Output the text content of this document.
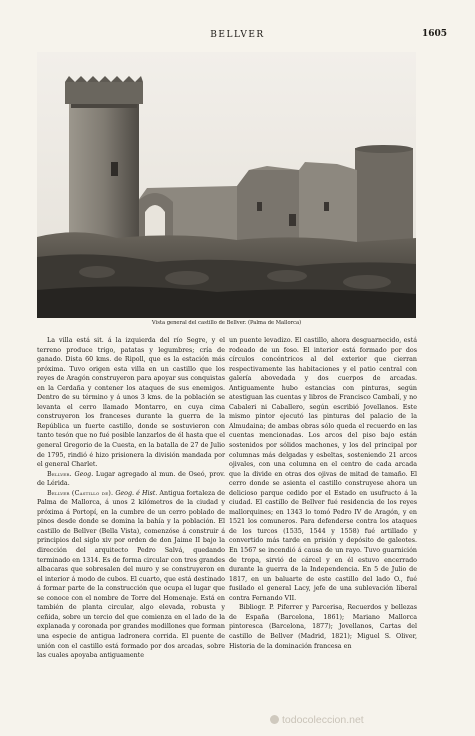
BELLVER	1605
Vista general del castillo de Bellver. (Palma de Mallorca)

La villa está sit. á la izquierda del río Segre, y el terreno produce trigo, patatas y legumbres; cría de ganado. Dista 60 kms. de Ripoll, que es la estación más próxima. Tuvo origen esta villa en un castillo que los reyes de Aragón construyeron para apoyar sus conquistas en la Cerdaña y contener los ataques de sus enemigos. Dentro de su término y á unos 3 kms. de la población se levanta el cerro llamado Montarro, en cuya cima construyeron los franceses durante la guerra de la República un fuerte castillo, donde se sostuvieron con tanto tesón que no fué posible lanzarlos de él hasta que el general Gregorio de la Cuesta, en la batalla de 27 de Julio de 1795, rindió é hizo prisionera la división mandada por el general Charlet.

Bellver. Geog. Lugar agregado al mun. de Oseó, prov. de Lérida.

Bellver (Castillo de). Geog. é Hist. Antigua fortaleza de Palma de Mallorca, á unos 2 kilómetros de la ciudad y próxima á Portopí, en la cumbre de un cerro poblado de pinos desde donde se domina la bahía y la población. El castillo de Bellver (Bella Vista), comenzóse á construir á principios del siglo xiv por orden de don Jaime II bajo la dirección del arquitecto Pedro Salvá, quedando terminado en 1314. Es de forma circular con tres grandes albacaras que sobresalen del muro y se construyeron en el interior á modo de cubos. El cuarto, que está destinado á formar parte de la construcción que ocupa el lugar que se conoce con el nombre de Torre del Homenaje. Está en también de planta circular, algo elevada, robusta y ceñida, sobre un tercio del que comienza en el lado de la explanada y coronada por grandes modillones que forman una especie de antigua ladronera corrida. El puente de unión con el castillo está formado por dos arcadas, sobre las cuales apoyaba antiguamente

un puente levadizo. El castillo, ahora desguarnecido, está rodeado de un foso. El interior está formado por dos círculos concéntricos al del exterior que cierran respectivamente las habitaciones y el patio central con galería abovedada y dos cuerpos de arcadas. Antiguamente hubo estancias con pinturas, según atestiguan las cuentas y libros de Francisco Cambalí, y no Cabaleri ni Caballero, según escribió Jovellanos. Este mismo pintor ejecutó las pinturas del palacio de la Almudaina; de ambas obras sólo queda el recuerdo en las cuentas mencionadas. Los arcos del piso bajo están sostenidos por sólidos machones, y los del principal por columnas más delgadas y esbeltas, sosteniendo 21 arcos ojivales, con una columna en el centro de cada arcada que la divide en otras dos ojivas de mitad de tamaño. El cerro donde se asienta el castillo construyese ahora un delicioso parque cedido por el Estado en usufructo á la ciudad. El castillo de Bellver fué residencia de los reyes mallorquines; en 1343 lo tomó Pedro IV de Aragón, y en 1521 los comuneros. Para defenderse contra los ataques de los turcos (1535, 1544 y 1558) fué artillado y convertido más tarde en prisión y depósito de galeotes. En 1567 se incendió á causa de un rayo. Tuvo guarnición de tropa, sirvió de cárcel y en él estuvo encerrado durante la guerra de la Independencia. En 5 de Julio de 1817, en un baluarte de este castillo del lado O., fué fusilado el general Lacy, jefe de una sublevación liberal contra Fernando VII.

Bibliogr. P. Piferrer y Parcerisa, Recuerdos y bellezas de España (Barcelona, 1861); Mariano Mallorca pintoresca (Barcelona, 1877); Jovellanos, Cartas del castillo de Bellver (Madrid, 1821); Miguel S. Oliver, Historia de la dominación francesa en

todocoleccion.net
